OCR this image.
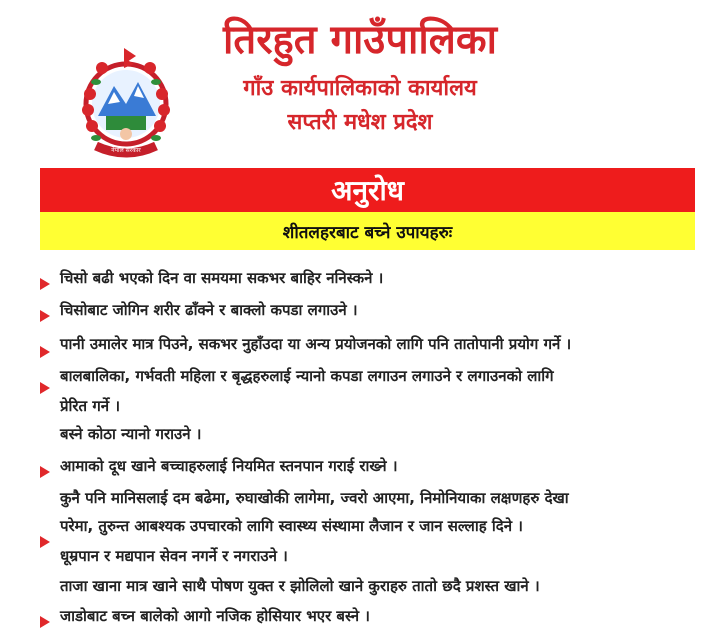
नेपाल सरकार
तिरहुत गाउँपालिका
गाँउ कार्यपालिकाको कार्यालय
सप्तरी मधेश प्रदेश
अनुरोध
शीतलहरबाट बच्ने उपायहरुः
चिसो बढी भएको दिन वा समयमा सकभर बाहिर ननिस्कने ।
चिसोबाट जोगिन शरीर ढाँक्ने र बाक्लो कपडा लगाउने ।
पानी उमालेर मात्र पिउने, सकभर नुहाँउदा या अन्य प्रयोजनको लागि पनि तातोपानी प्रयोग गर्ने ।
बालबालिका, गर्भवती महिला र बृद्धहरुलाई न्यानो कपडा लगाउन लगाउने र लगाउनको लागि
प्रेरित गर्ने ।
बस्ने कोठा न्यानो गराउने ।
आमाको दूध खाने बच्चाहरुलाई नियमित स्तनपान गराई राख्ने ।
कुनै पनि मानिसलाई दम बढेमा, रुघाखोकी लागेमा, ज्वरो आएमा, निमोनियाका लक्षणहरु देखा
परेमा, तुरुन्त आबश्यक उपचारको लागि स्वास्थ्य संस्थामा लैजान र जान सल्लाह दिने ।
धूम्रपान र मद्यपान सेवन नगर्ने र नगराउने ।
ताजा खाना मात्र खाने साथै पोषण युक्त र झोलिलो खाने कुराहरु तातो छदै प्रशस्त खाने ।
जाडोबाट बच्न बालेको आगो नजिक होसियार भएर बस्ने ।
